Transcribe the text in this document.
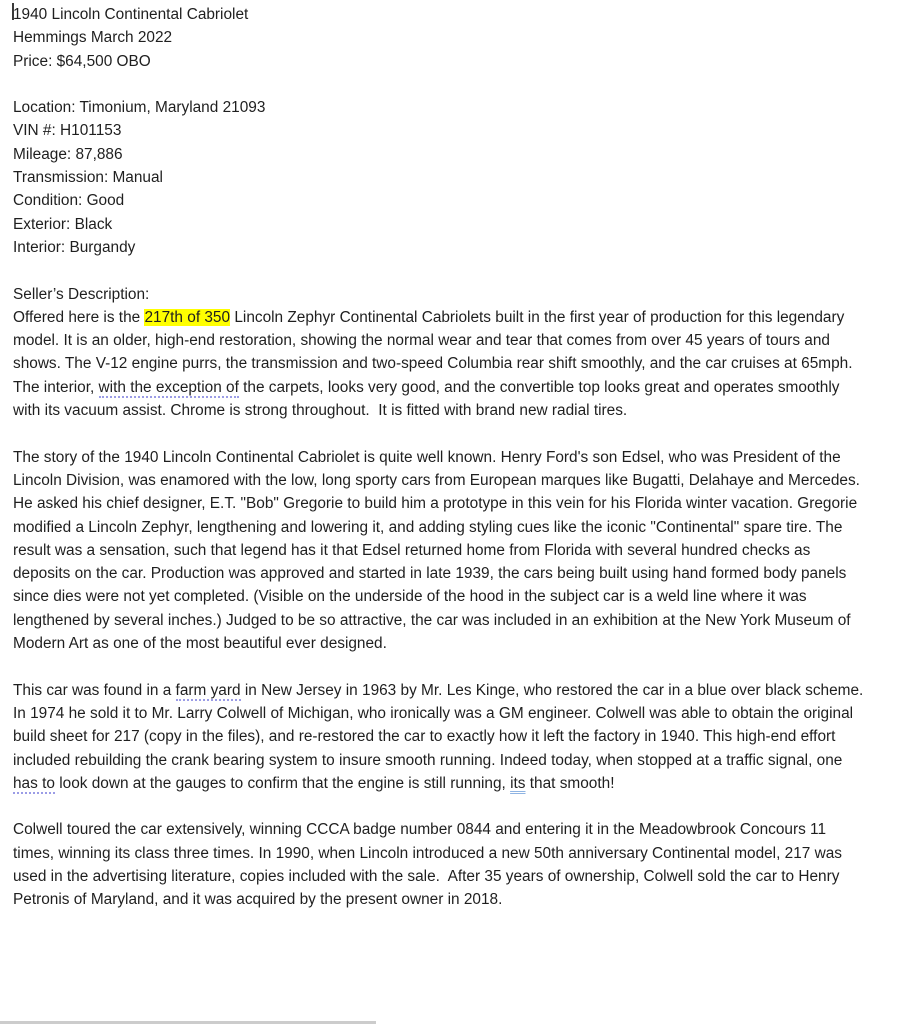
1940 Lincoln Continental Cabriolet

Hemmings March 2022

Price: $64,500 OBO

Location: Timonium, Maryland 21093

VIN #: H101153

Mileage: 87,886

Transmission: Manual

Condition: Good

Exterior: Black

Interior: Burgandy

Seller’s Description:

Offered here is the 217th of 350 Lincoln Zephyr Continental Cabriolets built in the first year of production for this legendary model. It is an older, high-end restoration, showing the normal wear and tear that comes from over 45 years of tours and shows. The V-12 engine purrs, the transmission and two-speed Columbia rear shift smoothly, and the car cruises at 65mph.  The interior, with the exception of the carpets, looks very good, and the convertible top looks great and operates smoothly with its vacuum assist. Chrome is strong throughout.  It is fitted with brand new radial tires.

The story of the 1940 Lincoln Continental Cabriolet is quite well known. Henry Ford's son Edsel, who was President of the Lincoln Division, was enamored with the low, long sporty cars from European marques like Bugatti, Delahaye and Mercedes. He asked his chief designer, E.T. "Bob" Gregorie to build him a prototype in this vein for his Florida winter vacation. Gregorie modified a Lincoln Zephyr, lengthening and lowering it, and adding styling cues like the iconic "Continental" spare tire. The result was a sensation, such that legend has it that Edsel returned home from Florida with several hundred checks as deposits on the car. Production was approved and started in late 1939, the cars being built using hand formed body panels since dies were not yet completed. (Visible on the underside of the hood in the subject car is a weld line where it was lengthened by several inches.) Judged to be so attractive, the car was included in an exhibition at the New York Museum of Modern Art as one of the most beautiful ever designed.

This car was found in a farm yard in New Jersey in 1963 by Mr. Les Kinge, who restored the car in a blue over black scheme. In 1974 he sold it to Mr. Larry Colwell of Michigan, who ironically was a GM engineer. Colwell was able to obtain the original build sheet for 217 (copy in the files), and re-restored the car to exactly how it left the factory in 1940. This high-end effort included rebuilding the crank bearing system to insure smooth running. Indeed today, when stopped at a traffic signal, one has to look down at the gauges to confirm that the engine is still running, its that smooth!

Colwell toured the car extensively, winning CCCA badge number 0844 and entering it in the Meadowbrook Concours 11 times, winning its class three times. In 1990, when Lincoln introduced a new 50th anniversary Continental model, 217 was used in the advertising literature, copies included with the sale.  After 35 years of ownership, Colwell sold the car to Henry Petronis of Maryland, and it was acquired by the present owner in 2018.
